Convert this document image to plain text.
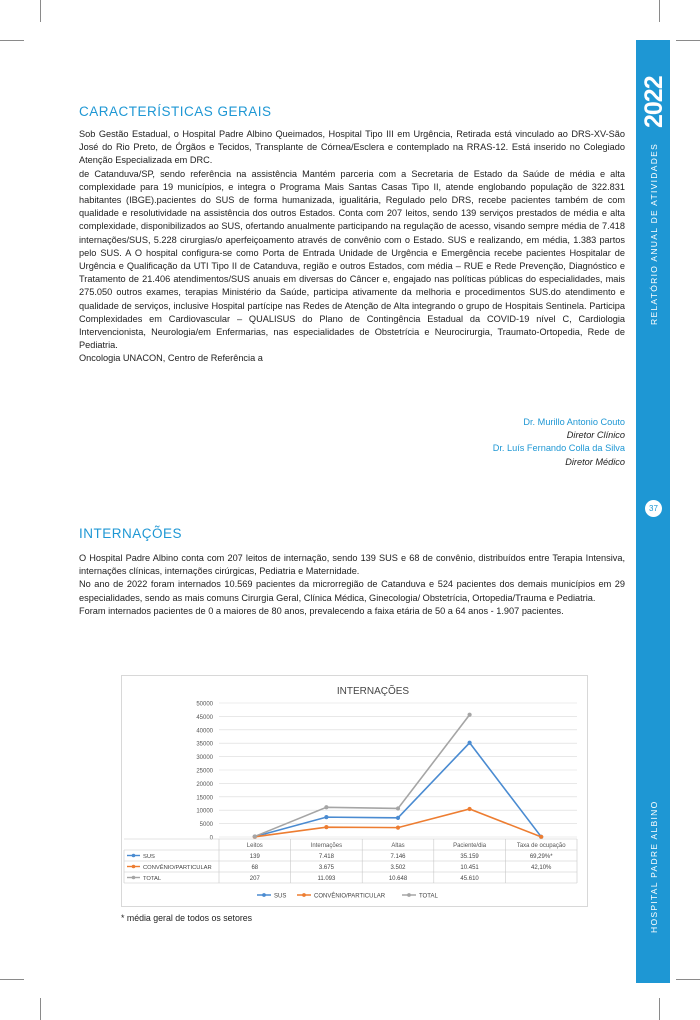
2022
RELATÓRIO ANUAL DE ATIVIDADES
37
HOSPITAL PADRE ALBINO
CARACTERÍSTICAS GERAIS

Sob Gestão Estadual, o Hospital Padre Albino Queimados, Hospital Tipo III em Urgência, Retirada está vinculado ao DRS-XV-São José do Rio Preto, de Órgãos e Tecidos, Transplante de Córnea/Esclera e contemplado na RRAS-12. Está inserido no Colegiado Atenção Especializada em DRC.

de Catanduva/SP, sendo referência na assistência Mantém parceria com a Secretaria de Estado da Saúde de média e alta complexidade para 19 municípios, e integra o Programa Mais Santas Casas Tipo II, atende englobando população de 322.831 habitantes (IBGE).pacientes do SUS de forma humanizada, igualitária, Regulado pelo DRS, recebe pacientes também de com qualidade e resolutividade na assistência dos outros Estados. Conta com 207 leitos, sendo 139 serviços prestados de média e alta complexidade, disponibilizados ao SUS, ofertando anualmente participando na regulação de acesso, visando sempre média de 7.418 internações/SUS, 5.228 cirurgias/o aperfeiçoamento através de convênio com o Estado. SUS e realizando, em média, 1.383 partos pelo SUS. A O hospital configura-se como Porta de Entrada Unidade de Urgência e Emergência recebe pacientes Hospitalar de Urgência e Qualificação da UTI Tipo II de Catanduva, região e outros Estados, com média – RUE e Rede Prevenção, Diagnóstico e Tratamento de 21.406 atendimentos/SUS anuais em diversas do Câncer e, engajado nas políticas públicas do especialidades, mais 275.050 outros exames, terapias Ministério da Saúde, participa ativamente da melhoria e procedimentos SUS.do atendimento e qualidade de serviços, inclusive Hospital partícipe nas Redes de Atenção de Alta integrando o grupo de Hospitais Sentinela. Participa Complexidades em Cardiovascular – QUALISUS do Plano de Contingência Estadual da COVID-19 nível C, Cardiologia Intervencionista, Neurologia/em Enfermarias, nas especialidades de Obstetrícia e Neurocirurgia, Traumato-Ortopedia, Rede de Pediatria.

Oncologia UNACON, Centro de Referência a

Dr. Murillo Antonio Couto
Diretor Clínico
Dr. Luís Fernando Colla da Silva
Diretor Médico
INTERNAÇÕES

O Hospital Padre Albino conta com 207 leitos de internação, sendo 139 SUS e 68 de convênio, distribuídos entre Terapia Intensiva, internações clínicas, internações cirúrgicas, Pediatria e Maternidade.

No ano de 2022 foram internados 10.569 pacientes da microrregião de Catanduva e 524 pacientes dos demais municípios em 29 especialidades, sendo as mais comuns Cirurgia Geral, Clínica Médica, Ginecologia/ Obstetrícia, Ortopedia/Trauma e Pediatria.

Foram internados pacientes de 0 a maiores de 80 anos, prevalecendo a faixa etária de 50 a 64 anos - 1.907 pacientes.

INTERNAÇÕES
0
5000
10000
15000
20000
25000
30000
35000
40000
45000
50000
Leitos	Internações	Altas	Paciente/dia	Taxa de ocupação
SUS	139	7.418	7.146	35.159	69,29%*
CONVÊNIO/PARTICULAR	68	3.675	3.502	10.451	42,10%
TOTAL	207	11.093	10.648	45.610
SUS	CONVÊNIO/PARTICULAR	TOTAL
* média geral de todos os setores
